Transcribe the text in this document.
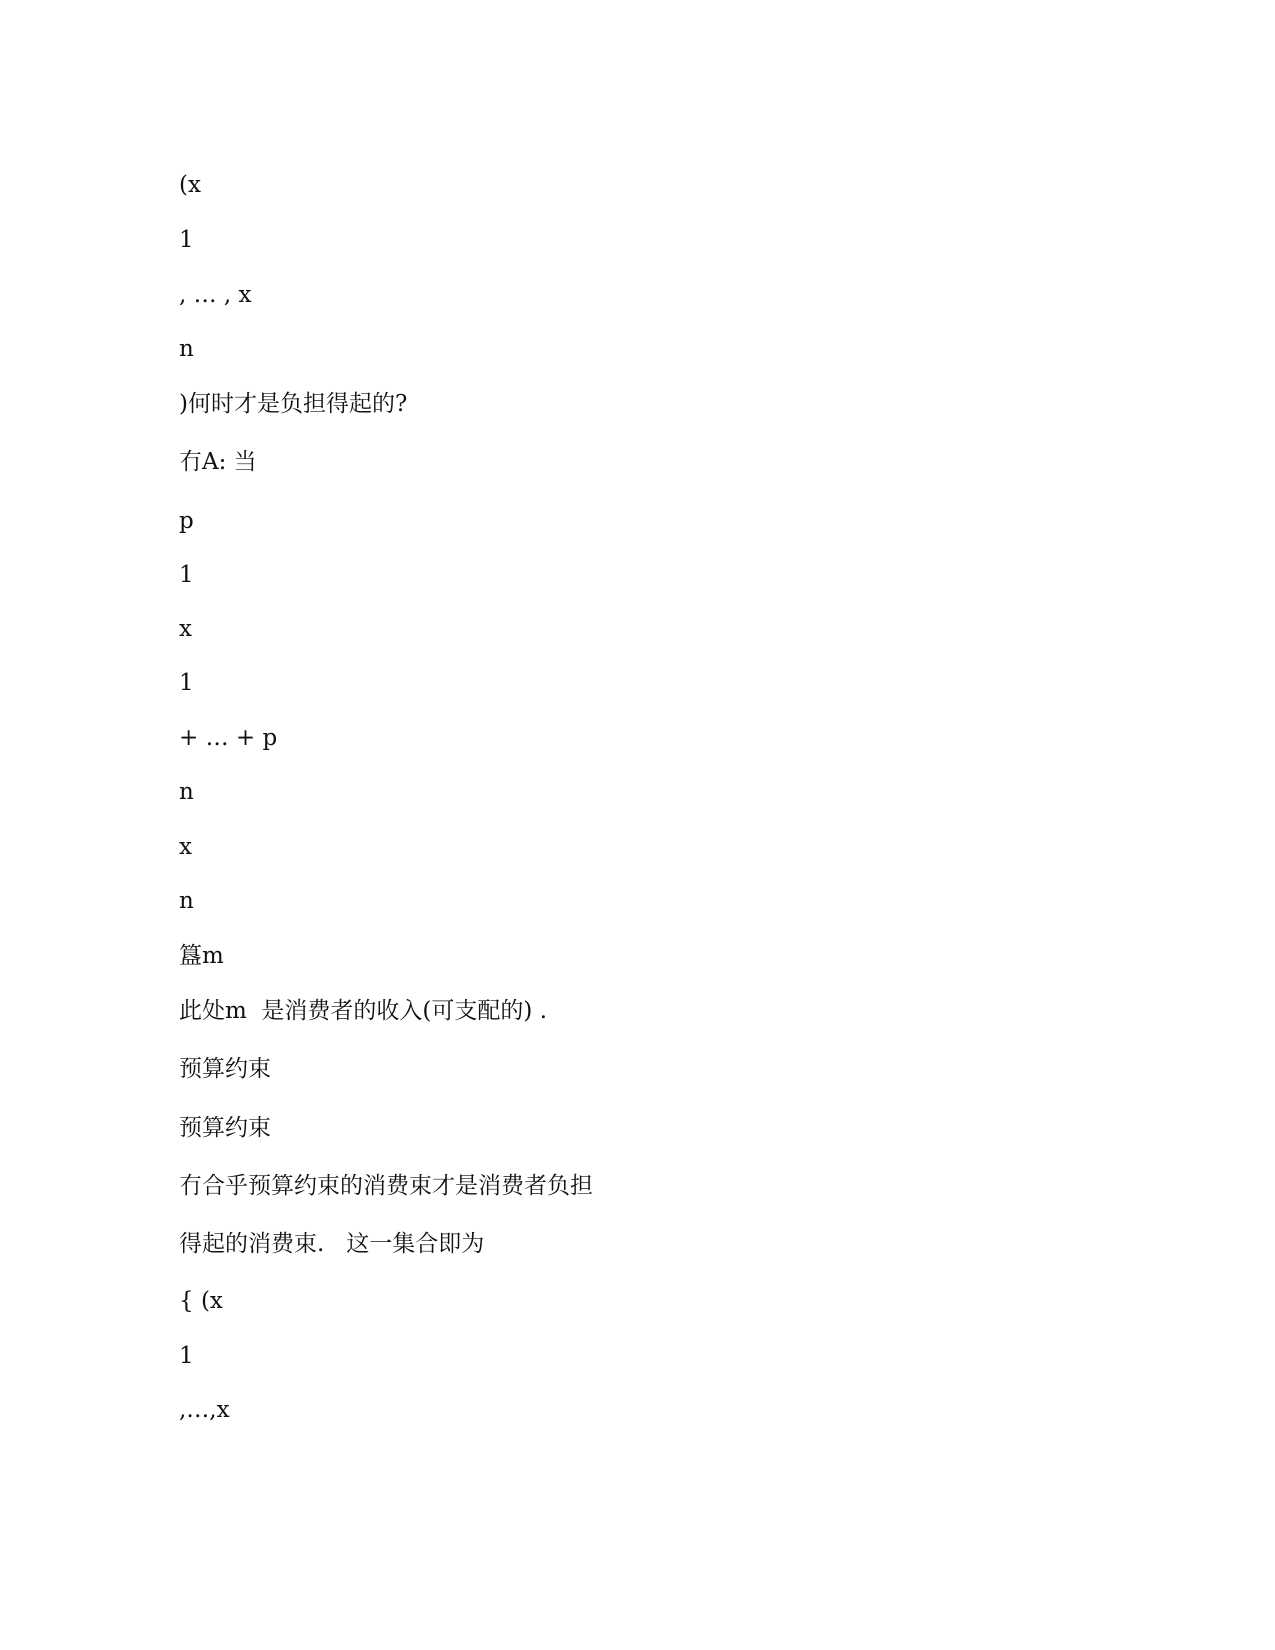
(x

1

, … , x

n

)何时才是负担得起的?

冇A: 当

p

1

x

1

+ … + p

n

x

n

簋m

此处m  是消费者的收入(可支配的) .

预算约束

预算约束

冇合乎预算约束的消费束才是消费者负担

得起的消费束.   这一集合即为

{ (x

1

,…,x
